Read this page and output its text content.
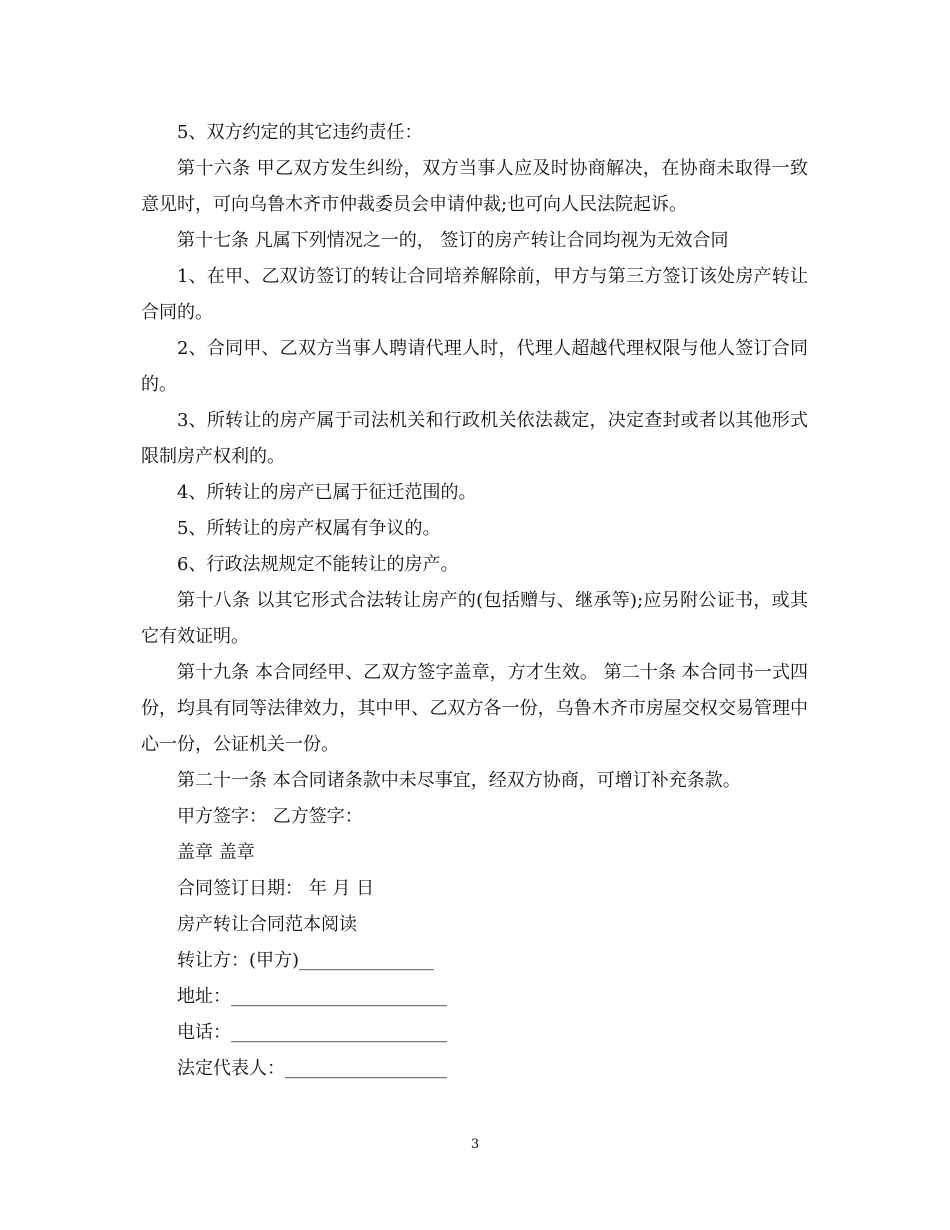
5、双方约定的其它违约责任：

第十六条 甲乙双方发生纠纷，双方当事人应及时协商解决，在协商未取得一致意见时，可向乌鲁木齐市仲裁委员会申请仲裁;也可向人民法院起诉。

第十七条 凡属下列情况之一的， 签订的房产转让合同均视为无效合同

1、在甲、乙双访签订的转让合同培养解除前，甲方与第三方签订该处房产转让合同的。

2、合同甲、乙双方当事人聘请代理人时，代理人超越代理权限与他人签订合同的。

3、所转让的房产属于司法机关和行政机关依法裁定，决定查封或者以其他形式限制房产权利的。

4、所转让的房产已属于征迁范围的。

5、所转让的房产权属有争议的。

6、行政法规规定不能转让的房产。

第十八条 以其它形式合法转让房产的(包括赠与、继承等);应另附公证书，或其它有效证明。

第十九条 本合同经甲、乙双方签字盖章，方才生效。 第二十条 本合同书一式四份，均具有同等法律效力，其中甲、乙双方各一份，乌鲁木齐市房屋交权交易管理中心一份，公证机关一份。

第二十一条 本合同诸条款中未尽事宜，经双方协商，可增订补充条款。

甲方签字： 乙方签字：

盖章 盖章

合同签订日期： 年 月 日

房产转让合同范本阅读

转让方：(甲方)_______________

地址：________________________

电话：________________________

法定代表人：__________________

3
